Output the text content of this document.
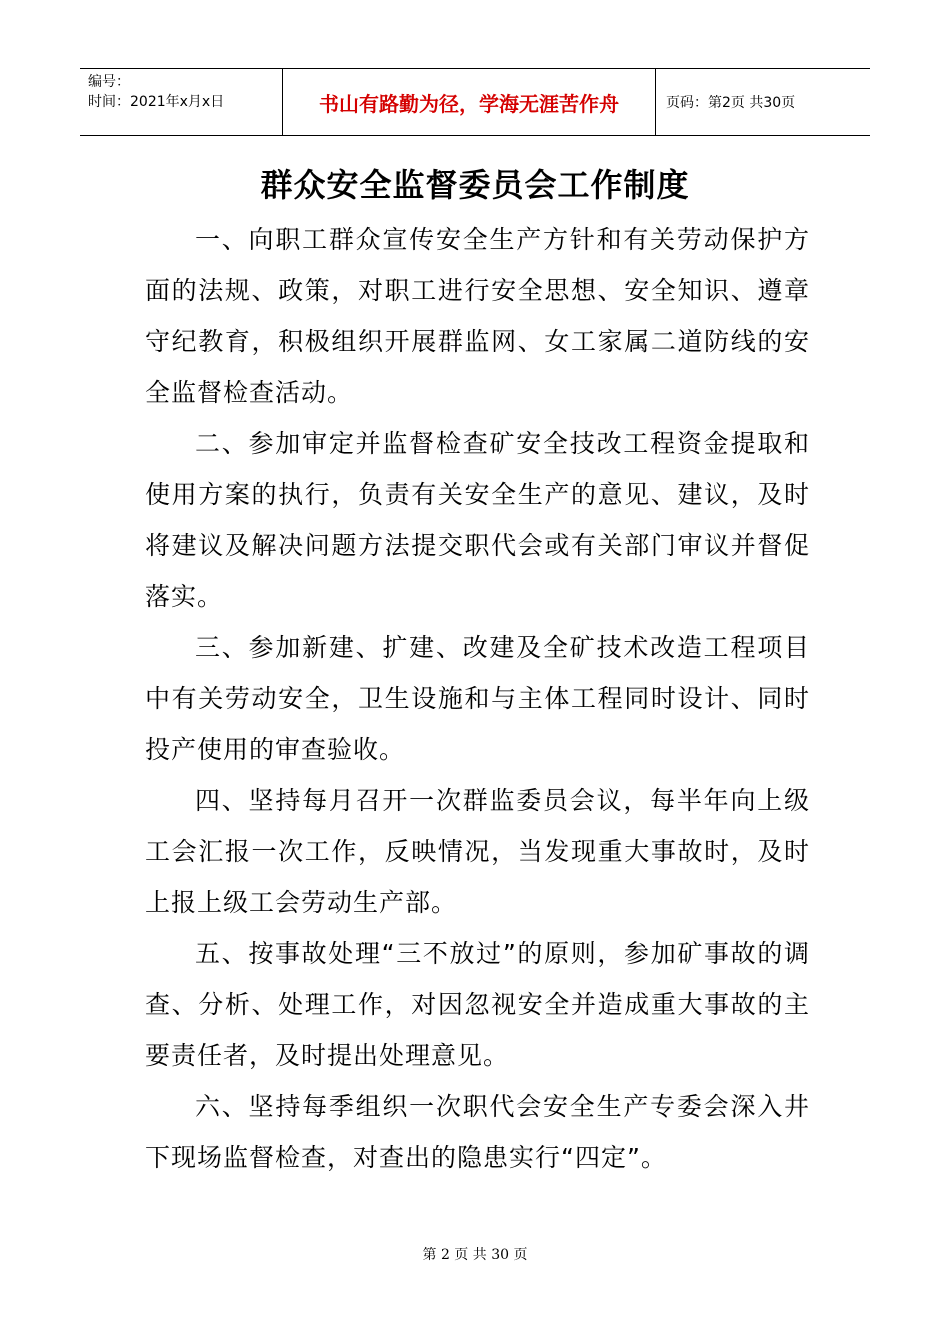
编号：
时间：2021年x月x日	书山有路勤为径，学海无涯苦作舟	页码：第2页 共30页
群众安全监督委员会工作制度

一、向职工群众宣传安全生产方针和有关劳动保护方面的法规、政策，对职工进行安全思想、安全知识、遵章守纪教育，积极组织开展群监网、女工家属二道防线的安全监督检查活动。

二、参加审定并监督检查矿安全技改工程资金提取和使用方案的执行，负责有关安全生产的意见、建议，及时将建议及解决问题方法提交职代会或有关部门审议并督促落实。

三、参加新建、扩建、改建及全矿技术改造工程项目中有关劳动安全，卫生设施和与主体工程同时设计、同时投产使用的审查验收。

四、坚持每月召开一次群监委员会议，每半年向上级工会汇报一次工作，反映情况，当发现重大事故时，及时上报上级工会劳动生产部。

五、按事故处理“三不放过”的原则，参加矿事故的调查、分析、处理工作，对因忽视安全并造成重大事故的主要责任者，及时提出处理意见。

六、坚持每季组织一次职代会安全生产专委会深入井下现场监督检查，对查出的隐患实行“四定”。

第 2 页 共 30 页
